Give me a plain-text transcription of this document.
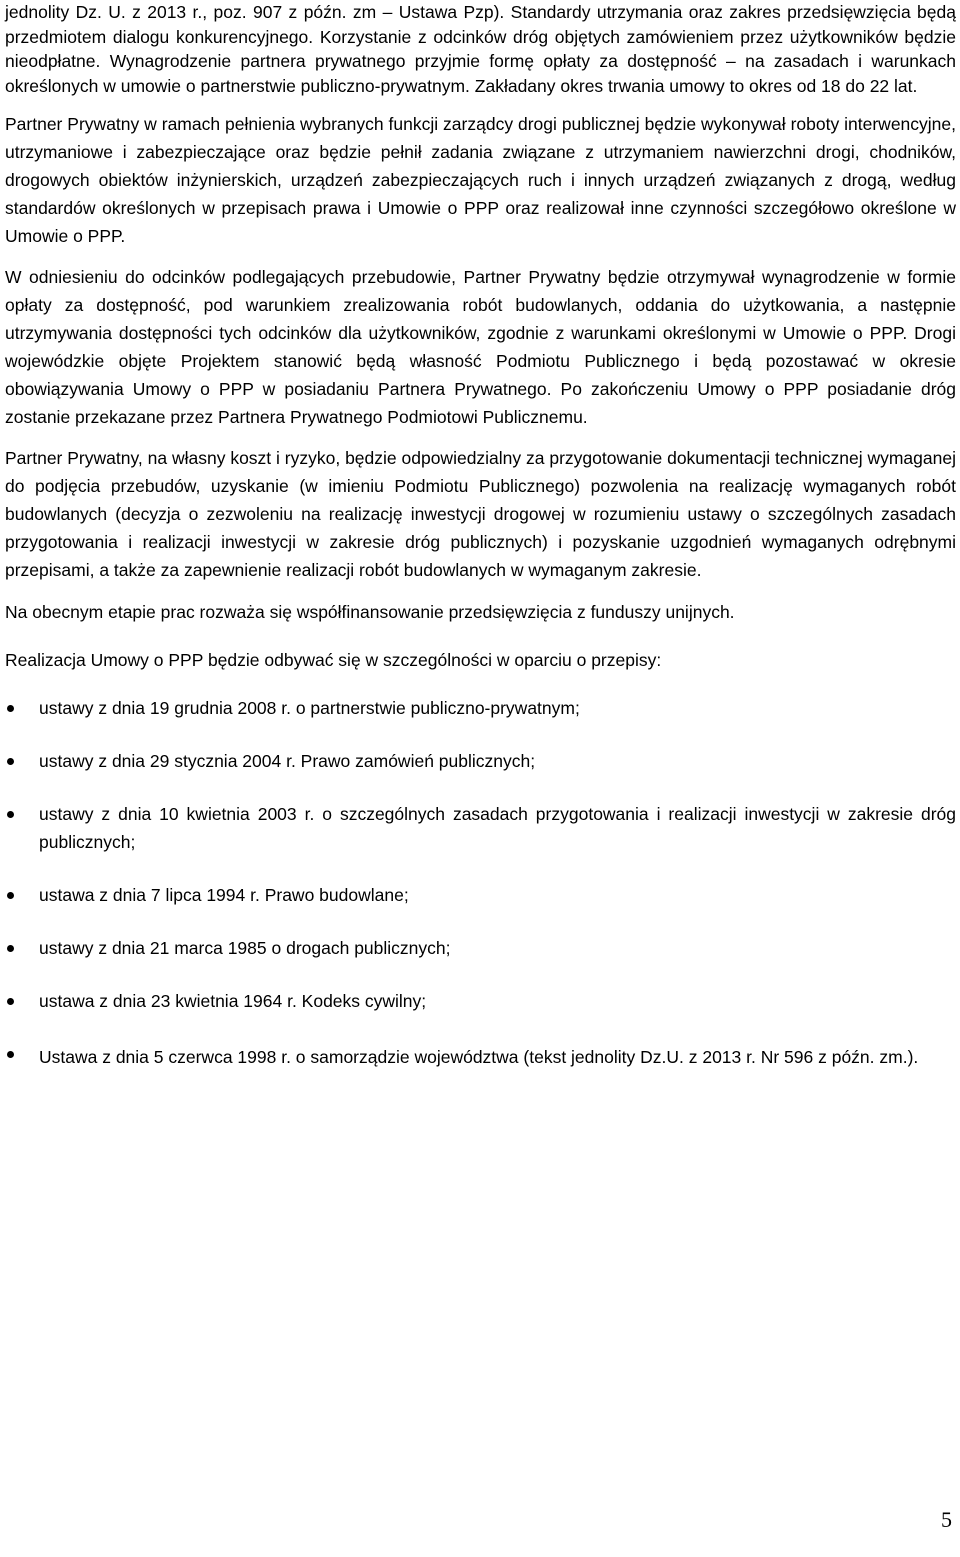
jednolity Dz. U. z 2013 r., poz. 907 z późn. zm – Ustawa Pzp). Standardy utrzymania oraz zakres przedsięwzięcia będą przedmiotem dialogu konkurencyjnego. Korzystanie z odcinków dróg objętych zamówieniem przez użytkowników będzie nieodpłatne. Wynagrodzenie partnera prywatnego przyjmie formę opłaty za dostępność – na zasadach i warunkach określonych w umowie o partnerstwie publiczno-prywatnym. Zakładany okres trwania umowy to okres od 18 do 22 lat.

Partner Prywatny w ramach pełnienia wybranych funkcji zarządcy drogi publicznej będzie wykonywał roboty interwencyjne, utrzymaniowe i zabezpieczające oraz będzie pełnił zadania związane z utrzymaniem nawierzchni drogi, chodników, drogowych obiektów inżynierskich, urządzeń zabezpieczających ruch i innych urządzeń związanych z drogą, według standardów określonych w przepisach prawa i Umowie o PPP oraz realizował inne czynności szczegółowo określone w Umowie o PPP.

W odniesieniu do odcinków podlegających przebudowie, Partner Prywatny będzie otrzymywał wynagrodzenie w formie opłaty za dostępność, pod warunkiem zrealizowania robót budowlanych, oddania do użytkowania, a następnie utrzymywania dostępności tych odcinków dla użytkowników, zgodnie z warunkami określonymi w Umowie o PPP. Drogi wojewódzkie objęte Projektem stanowić będą własność Podmiotu Publicznego i będą pozostawać w okresie obowiązywania Umowy o PPP w posiadaniu Partnera Prywatnego. Po zakończeniu Umowy o PPP posiadanie dróg zostanie przekazane przez Partnera Prywatnego Podmiotowi Publicznemu.

Partner Prywatny, na własny koszt i ryzyko, będzie odpowiedzialny za przygotowanie dokumentacji technicznej wymaganej do podjęcia przebudów, uzyskanie (w imieniu Podmiotu Publicznego) pozwolenia na realizację wymaganych robót budowlanych (decyzja o zezwoleniu na realizację inwestycji drogowej w rozumieniu ustawy o szczególnych zasadach przygotowania i realizacji inwestycji w zakresie dróg publicznych) i pozyskanie uzgodnień wymaganych odrębnymi przepisami, a także za zapewnienie realizacji robót budowlanych w wymaganym zakresie.

Na obecnym etapie prac rozważa się współfinansowanie przedsięwzięcia z funduszy unijnych.

Realizacja Umowy o PPP będzie odbywać się w szczególności w oparciu o przepisy:

ustawy z dnia 19 grudnia 2008 r. o partnerstwie publiczno-prywatnym;
ustawy z dnia 29 stycznia 2004 r. Prawo zamówień publicznych;
ustawy z dnia 10 kwietnia 2003 r. o szczególnych zasadach przygotowania i realizacji inwestycji w zakresie dróg publicznych;
ustawa z dnia 7 lipca 1994 r. Prawo budowlane;
ustawy z dnia 21 marca 1985 o drogach publicznych;
ustawa z dnia 23 kwietnia 1964 r. Kodeks cywilny;
Ustawa z dnia 5 czerwca 1998 r. o samorządzie województwa (tekst jednolity Dz.U. z 2013 r. Nr 596 z późn. zm.).
5
